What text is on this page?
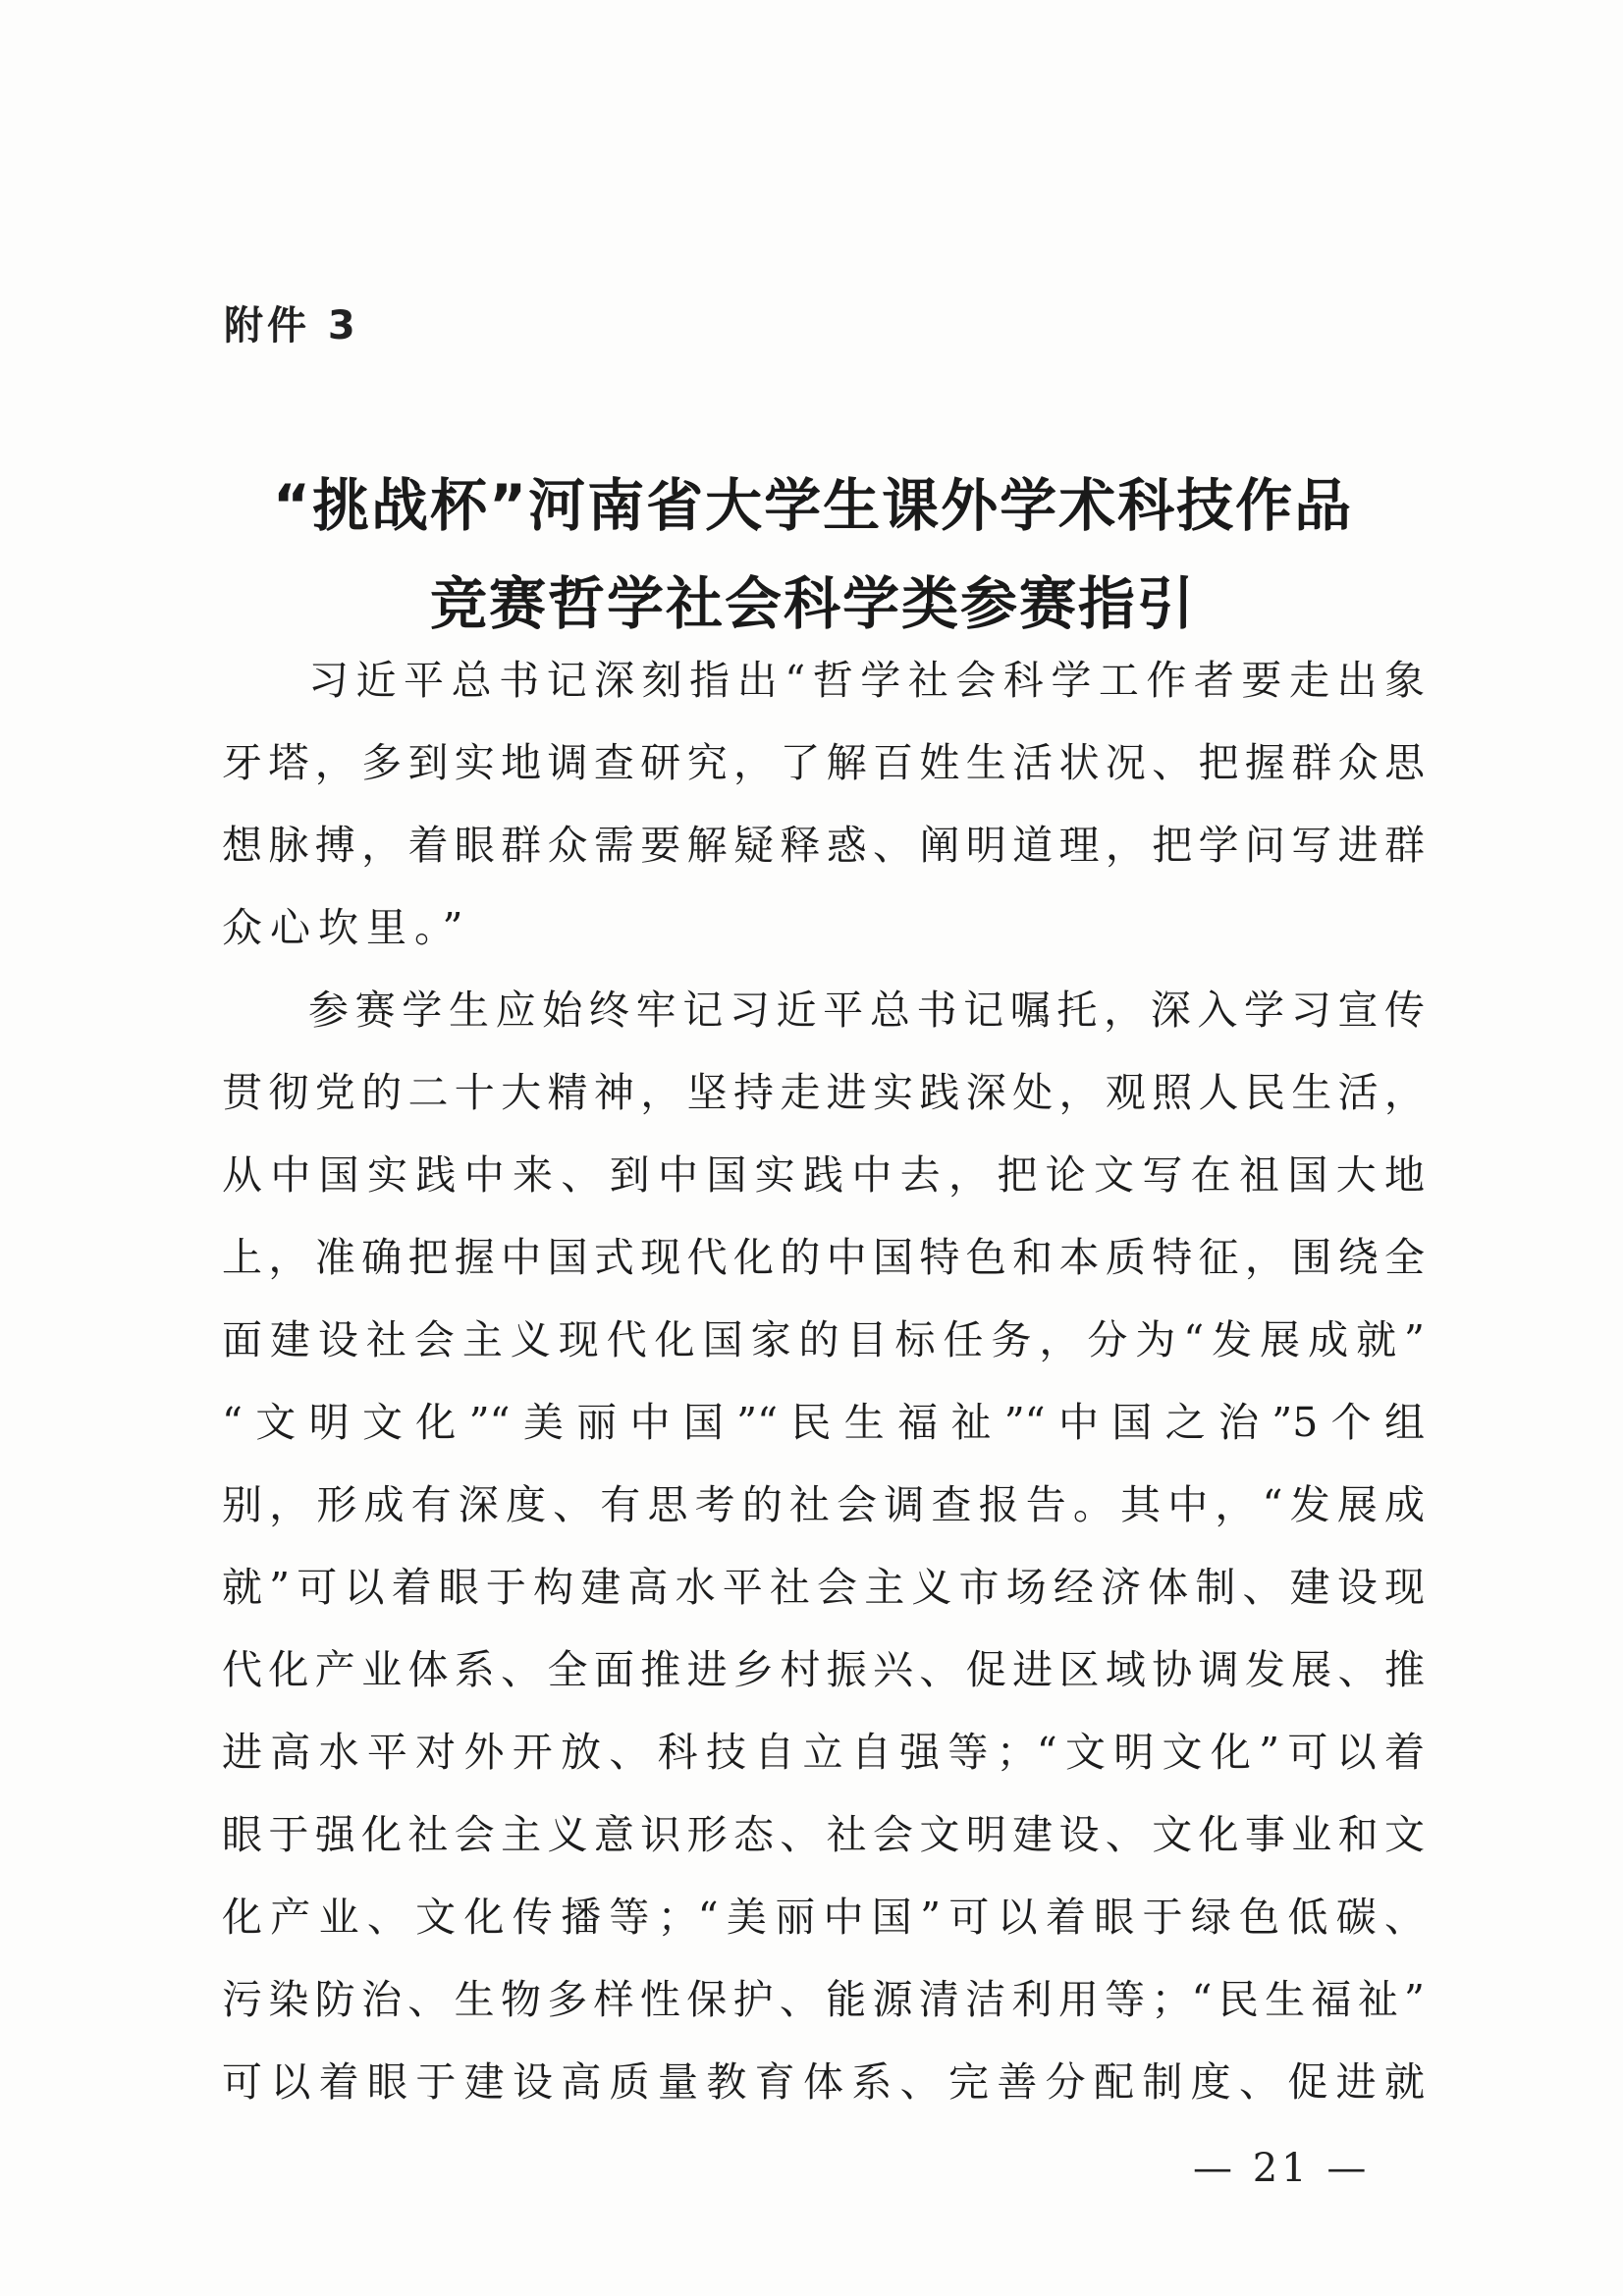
附件 3
“挑战杯”河南省大学生课外学术科技作品
竞赛哲学社会科学类参赛指引
习近平总书记深刻指出“哲学社会科学工作者要走出象
牙塔，多到实地调查研究，了解百姓生活状况、把握群众思
想脉搏，着眼群众需要解疑释惑、阐明道理，把学问写进群
众心坎里。”
参赛学生应始终牢记习近平总书记嘱托，深入学习宣传
贯彻党的二十大精神，坚持走进实践深处，观照人民生活，
从中国实践中来、到中国实践中去，把论文写在祖国大地
上，准确把握中国式现代化的中国特色和本质特征，围绕全
面建设社会主义现代化国家的目标任务，分为“发展成就”
“文明文化”“美丽中国”“民生福祉”“中国之治”5个组
别，形成有深度、有思考的社会调查报告。其中，“发展成
就”可以着眼于构建高水平社会主义市场经济体制、建设现
代化产业体系、全面推进乡村振兴、促进区域协调发展、推
进高水平对外开放、科技自立自强等；“文明文化”可以着
眼于强化社会主义意识形态、社会文明建设、文化事业和文
化产业、文化传播等；“美丽中国”可以着眼于绿色低碳、
污染防治、生物多样性保护、能源清洁利用等；“民生福祉”
可以着眼于建设高质量教育体系、完善分配制度、促进就
— 21 —
